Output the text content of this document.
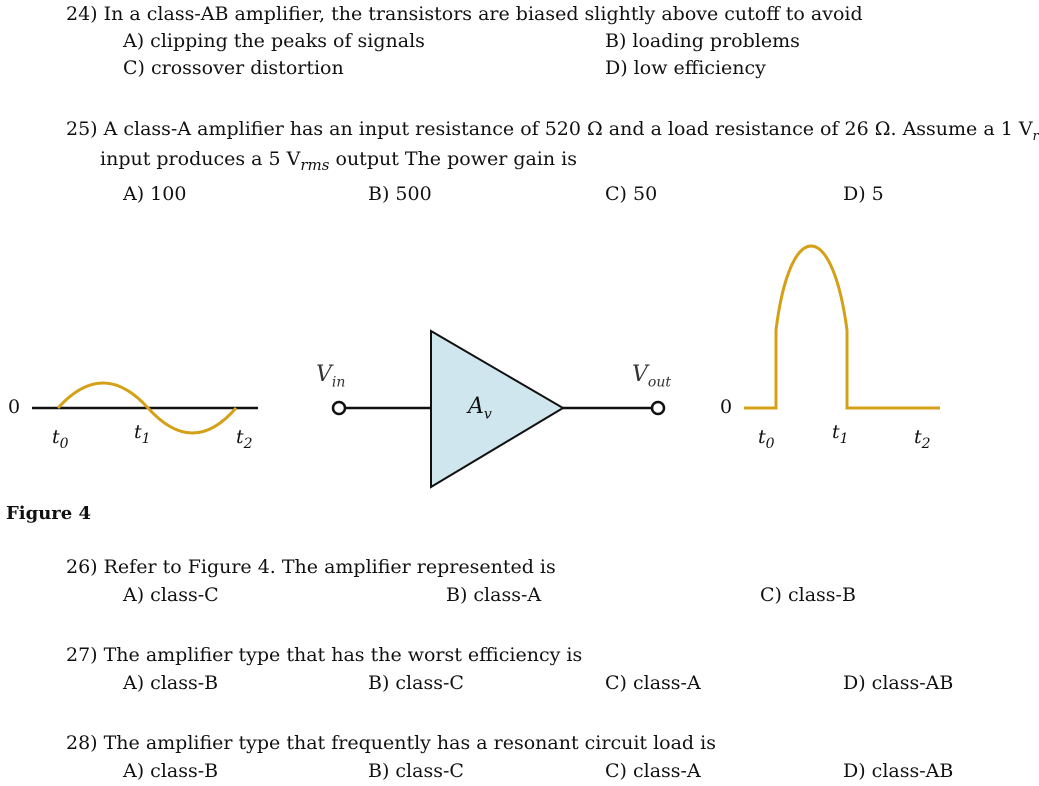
24) In a class-AB amplifier, the transistors are biased slightly above cutoff to avoid
A) clipping the peaks of signals	B) loading problems
C) crossover distortion	D) low efficiency
25) A class-A amplifier has an input resistance of 520 Ω and a load resistance of 26 Ω. Assume a 1 $V_r$
input produces a 5 $V_{rms}$ output The power gain is
A) 100	B) 500	C) 50	D) 5
0
$t_0$
$t_1$	$t_2$
$V_{in}$
$A_v$
$V_{out}$
0
$t_0$
$t_1$	$t_2$
Figure 4
26) Refer to Figure 4. The amplifier represented is
A) class-C	B) class-A	C) class-B
27) The amplifier type that has the worst efficiency is
A) class-B	B) class-C	C) class-A	D) class-AB
28) The amplifier type that frequently has a resonant circuit load is
A) class-B	B) class-C	C) class-A	D) class-AB
